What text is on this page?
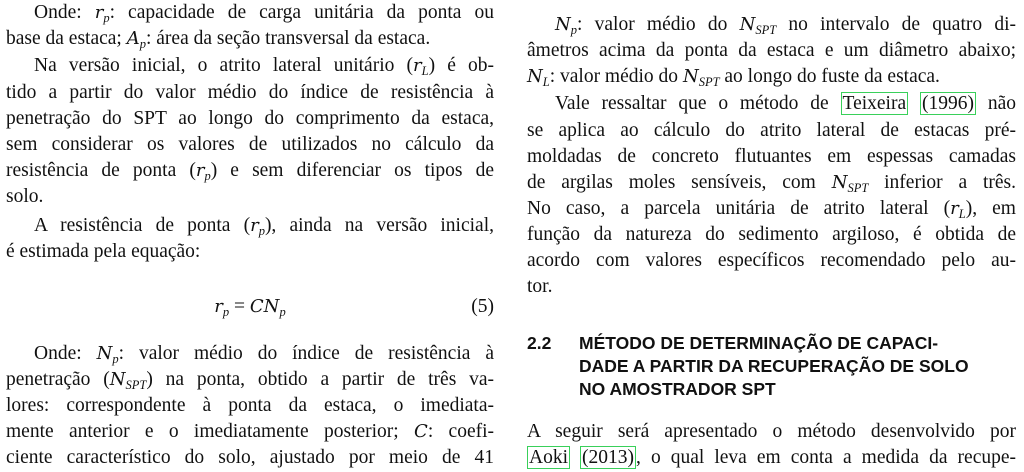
Onde: $r_p$: capacidade de carga unitária da ponta ou
base da estaca; $A_p$: área da seção transversal da estaca.
Na versão inicial, o atrito lateral unitário $(r_L)$ é ob-
tido a partir do valor médio do índice de resistência à
penetração do SPT ao longo do comprimento da estaca,
sem considerar os valores de utilizados no cálculo da
resistência de ponta $(r_p)$ e sem diferenciar os tipos de
solo.
A resistência de ponta $(r_p)$, ainda na versão inicial,
é estimada pela equação:
$r_p = CN_p$	(5)
Onde: $N_p$: valor médio do índice de resistência à
penetração $(N_{SPT})$ na ponta, obtido a partir de três va-
lores: correspondente à ponta da estaca, o imediata-
mente anterior e o imediatamente posterior; C: coefi-
ciente característico do solo, ajustado por meio de 41
$N_p$: valor médio do $N_{SPT}$ no intervalo de quatro di-
âmetros acima da ponta da estaca e um diâmetro abaixo;
$N_L$: valor médio do $N_{SPT}$ ao longo do fuste da estaca.
Vale ressaltar que o método de Teixeira (1996) não
se aplica ao cálculo do atrito lateral de estacas pré-
moldadas de concreto flutuantes em espessas camadas
de argilas moles sensíveis, com $N_{SPT}$ inferior a três.
No caso, a parcela unitária de atrito lateral $(r_L)$, em
função da natureza do sedimento argiloso, é obtida de
acordo com valores específicos recomendado pelo au-
tor.
2.2 MÉTODO DE DETERMINAÇÃO DE CAPACI-
DADE A PARTIR DA RECUPERAÇÃO DE SOLO
NO AMOSTRADOR SPT
A seguir será apresentado o método desenvolvido por
Aoki (2013) , o qual leva em conta a medida da recupe-
